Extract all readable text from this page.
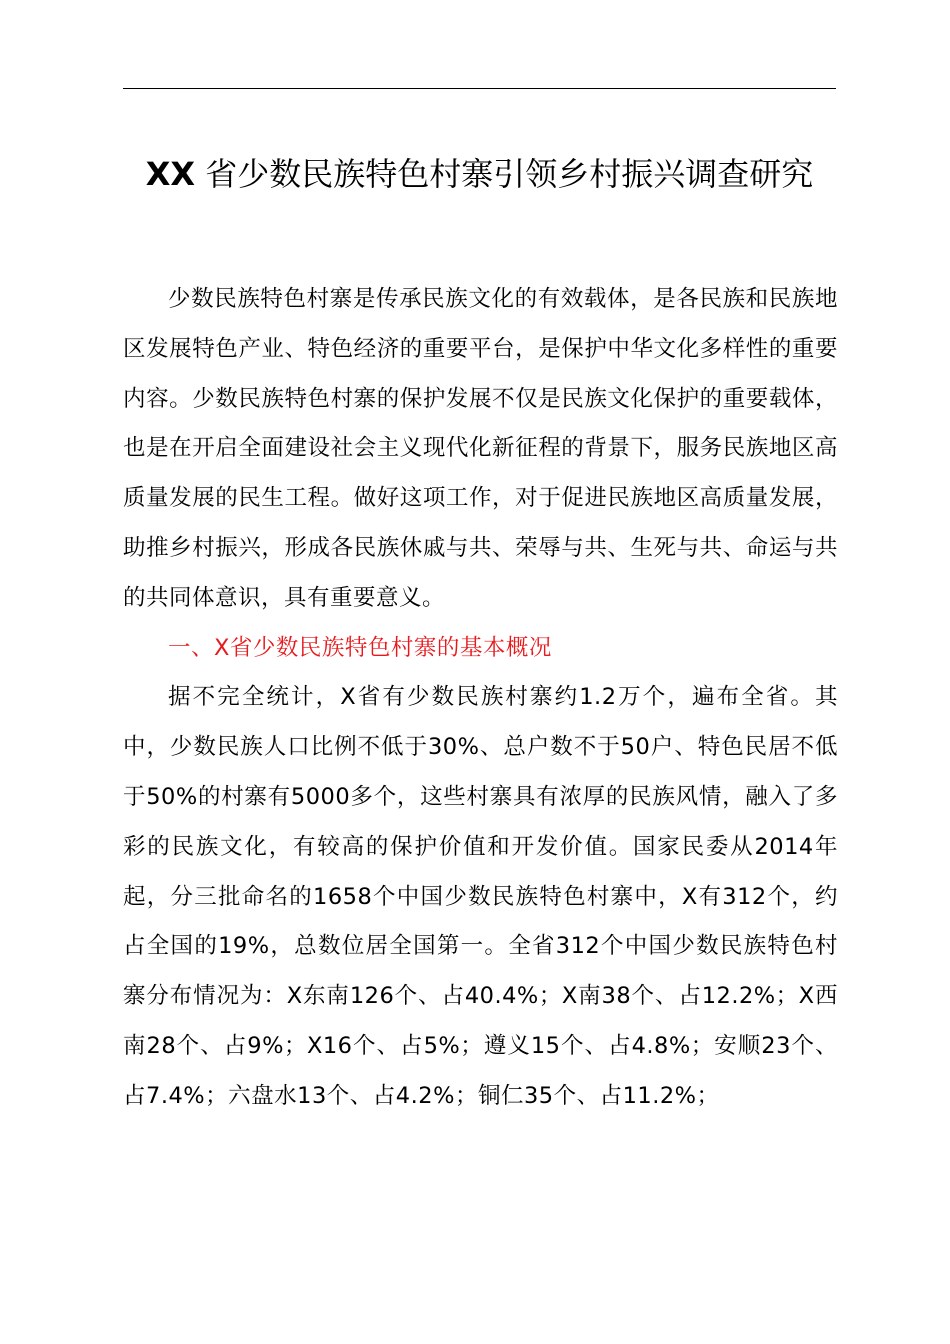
XX 省少数民族特色村寨引领乡村振兴调查研究

少数民族特色村寨是传承民族文化的有效载体，是各民族和民族地区发展特色产业、特色经济的重要平台，是保护中华文化多样性的重要内容。少数民族特色村寨的保护发展不仅是民族文化保护的重要载体，也是在开启全面建设社会主义现代化新征程的背景下，服务民族地区高质量发展的民生工程。做好这项工作，对于促进民族地区高质量发展，助推乡村振兴，形成各民族休戚与共、荣辱与共、生死与共、命运与共的共同体意识，具有重要意义。

一、X省少数民族特色村寨的基本概况

据不完全统计，X省有少数民族村寨约1.2万个，遍布全省。其中，少数民族人口比例不低于30%、总户数不于50户、特色民居不低于50%的村寨有5000多个，这些村寨具有浓厚的民族风情，融入了多彩的民族文化，有较高的保护价值和开发价值。国家民委从2014年起，分三批命名的1658个中国少数民族特色村寨中，X有312个，约占全国的19%，总数位居全国第一。全省312个中国少数民族特色村寨分布情况为：X东南126个、占40.4%；X南38个、占12.2%；X西南28个、占9%；X16个、占5%；遵义15个、占4.8%；安顺23个、占7.4%；六盘水13个、占4.2%；铜仁35个、占11.2%；
